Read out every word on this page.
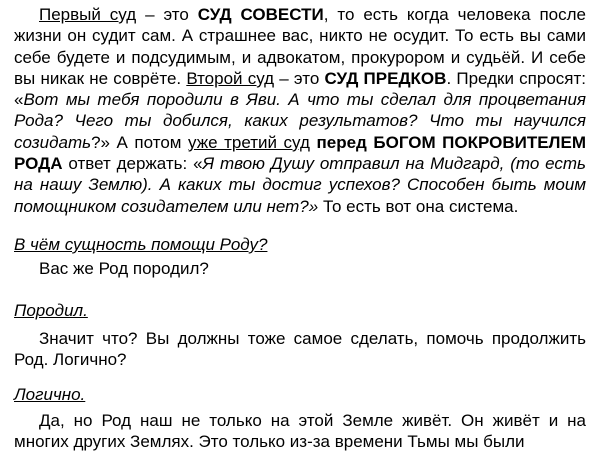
Первый суд – это СУД СОВЕСТИ, то есть когда человека после жизни он судит сам. А страшнее вас, никто не осудит. То есть вы сами себе будете и подсудимым, и адвокатом, прокурором и судьёй. И себе вы никак не соврёте. Второй суд – это СУД ПРЕДКОВ. Предки спросят: «Вот мы тебя породили в Яви. А что ты сделал для процветания Рода? Чего ты добился, каких результатов? Что ты научился созидать?» А потом уже третий суд перед БОГОМ ПОКРОВИТЕЛЕМ РОДА ответ держать: «Я твою Душу отправил на Мидгард, (то есть на нашу Землю). А каких ты достиг успехов? Способен быть моим помощником созидателем или нет?» То есть вот она система.
В чём сущность помощи Роду?
Вас же Род породил?
Породил.
Значит что? Вы должны тоже самое сделать, помочь продолжить Род. Логично?
Логично.
Да, но Род наш не только на этой Земле живёт. Он живёт и на многих других Землях. Это только из-за времени Тьмы мы были
